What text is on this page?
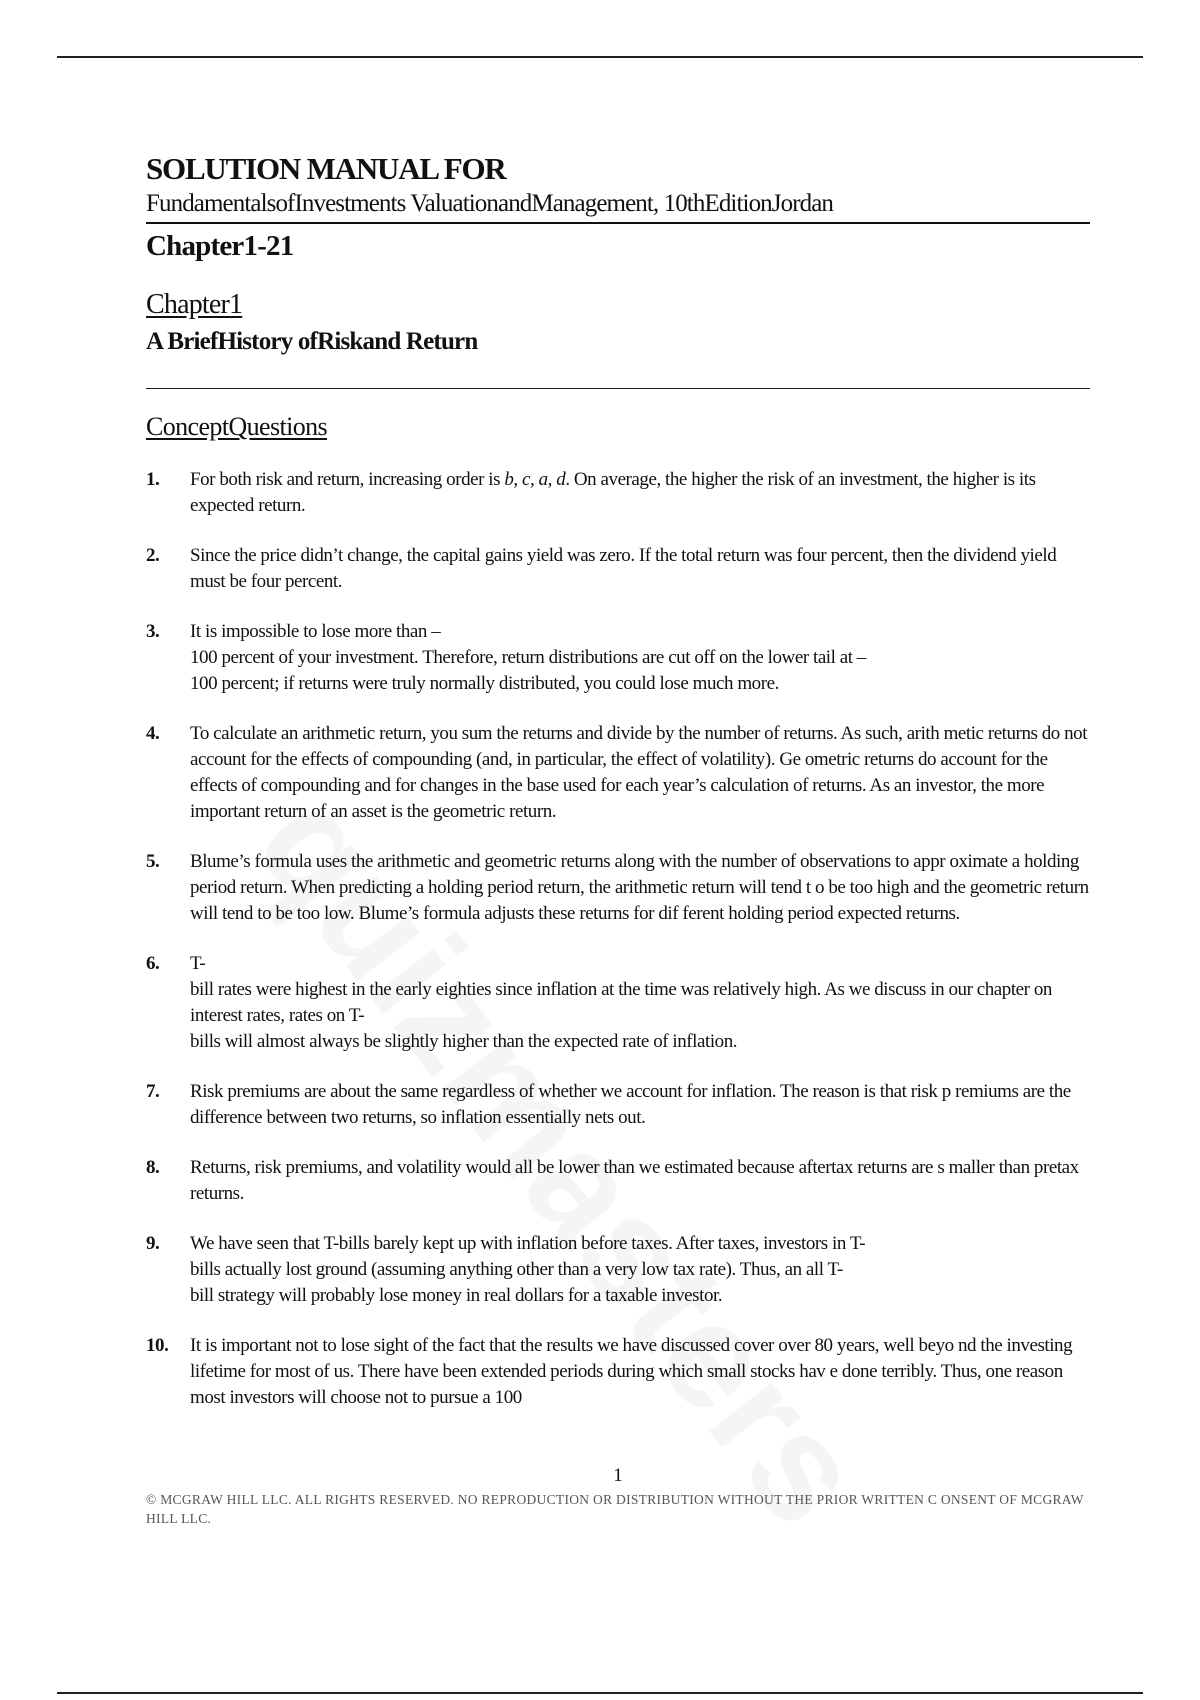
SOLUTION MANUAL FOR

FundamentalsofInvestments ValuationandManagement, 10thEditionJordan

Chapter1-21

Chapter1

A BriefHistory ofRiskand Return

ConceptQuestions

1.	For both risk and return, increasing order is b, c, a, d. On average, the higher the risk of an investment, the higher is its expected return.
2.	Since the price didn’t change, the capital gains yield was zero. If the total return was four percent, then the dividend yield must be four percent.
3.	It is impossible to lose more than –
100 percent of your investment. Therefore, return distributions are cut off on the lower tail at –
100 percent; if returns were truly normally distributed, you could lose much more.
4.	To calculate an arithmetic return, you sum the returns and divide by the number of returns. As such, arith metic returns do not account for the effects of compounding (and, in particular, the effect of volatility). Ge ometric returns do account for the effects of compounding and for changes in the base used for each year’s calculation of returns. As an investor, the more important return of an asset is the geometric return.
5.	Blume’s formula uses the arithmetic and geometric returns along with the number of observations to appr oximate a holding period return. When predicting a holding period return, the arithmetic return will tend t o be too high and the geometric return will tend to be too low. Blume’s formula adjusts these returns for dif ferent holding period expected returns.
6.	T-
bill rates were highest in the early eighties since inflation at the time was relatively high. As we discuss in our chapter on interest rates, rates on T-
bills will almost always be slightly higher than the expected rate of inflation.
7.	Risk premiums are about the same regardless of whether we account for inflation. The reason is that risk p remiums are the difference between two returns, so inflation essentially nets out.
8.	Returns, risk premiums, and volatility would all be lower than we estimated because aftertax returns are s maller than pretax returns.
9.	We have seen that T-bills barely kept up with inflation before taxes. After taxes, investors in T-
bills actually lost ground (assuming anything other than a very low tax rate). Thus, an all T-
bill strategy will probably lose money in real dollars for a taxable investor.
10.	It is important not to lose sight of the fact that the results we have discussed cover over 80 years, well beyo nd the investing lifetime for most of us. There have been extended periods during which small stocks hav e done terribly. Thus, one reason most investors will choose not to pursue a 100

1

© MCGRAW HILL LLC. ALL RIGHTS RESERVED. NO REPRODUCTION OR DISTRIBUTION WITHOUT THE PRIOR WRITTEN C ONSENT OF MCGRAW HILL LLC.
